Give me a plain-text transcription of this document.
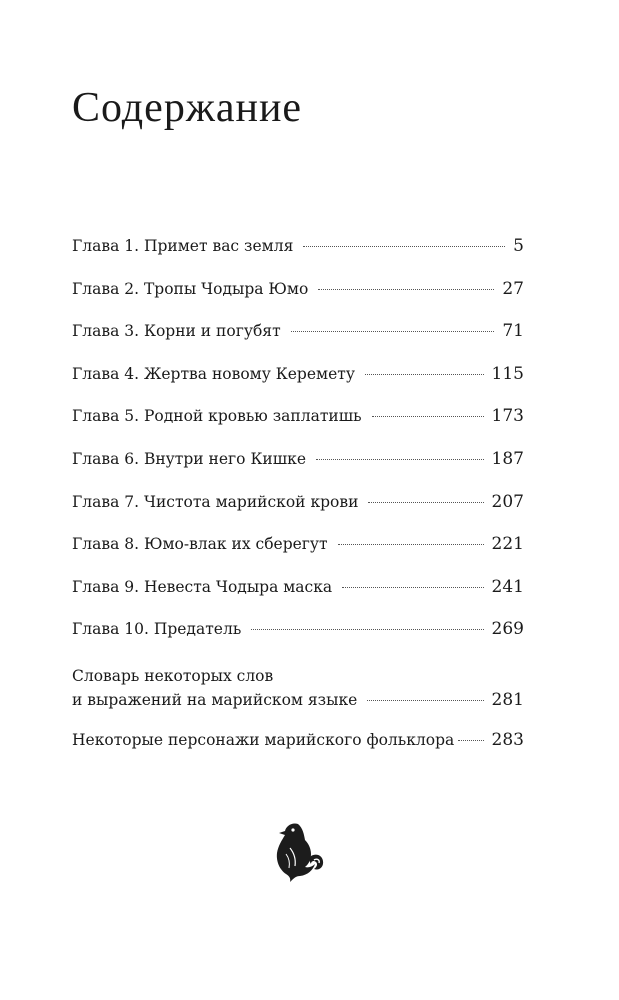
Содержание
Глава 1. Примет вас земля	5
Глава 2. Тропы Чодыра Юмо	27
Глава 3. Корни и погубят	71
Глава 4. Жертва новому Керемету	115
Глава 5. Родной кровью заплатишь	173
Глава 6. Внутри него Кишке	187
Глава 7. Чистота марийской крови	207
Глава 8. Юмо-влак их сберегут	221
Глава 9. Невеста Чодыра маска	241
Глава 10. Предатель	269
Словарь некоторых слов
и выражений на марийском языке	281
Некоторые персонажи марийского фольклора 283
